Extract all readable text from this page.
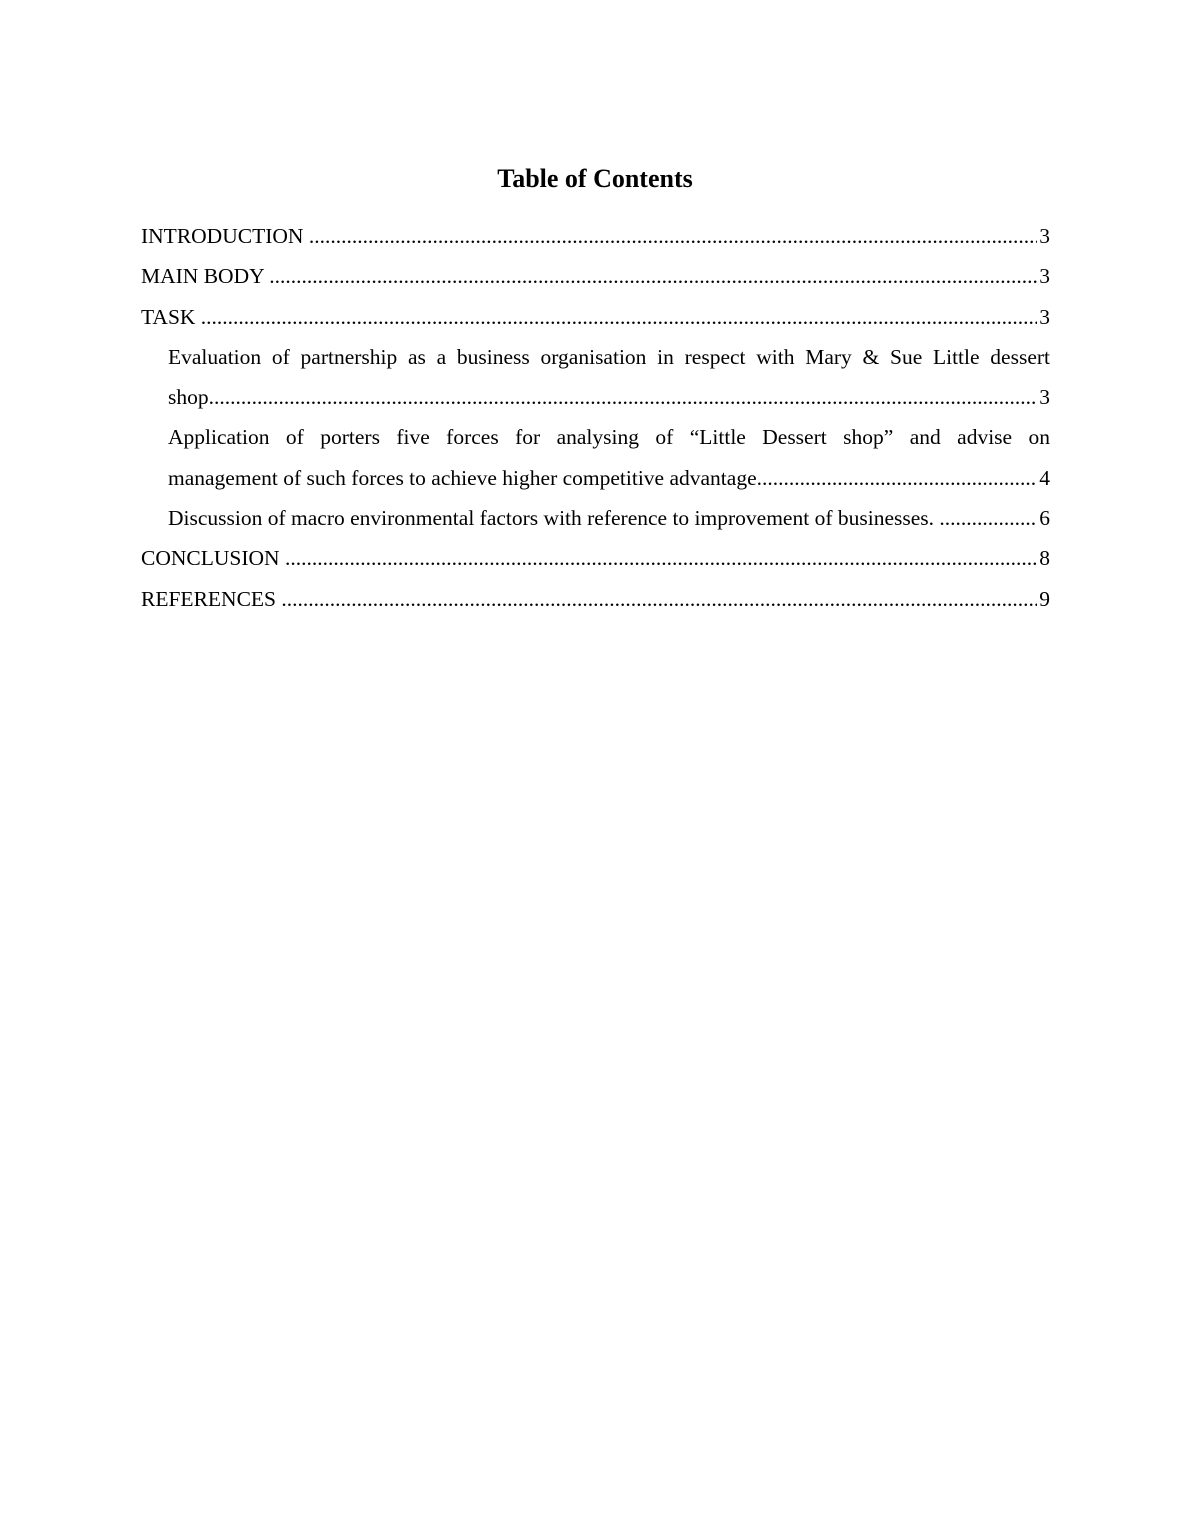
Table of Contents
INTRODUCTION .....	3
MAIN BODY .....	3
TASK .....	3
Evaluation of partnership as a business organisation in respect with Mary & Sue Little dessert
shop .....	3
Application of porters five forces for analysing of “Little Dessert shop” and advise on
management of such forces to achieve higher competitive advantage .....	4
Discussion of macro environmental factors with reference to improvement of businesses. .....	6
CONCLUSION .....	8
REFERENCES .....	9
